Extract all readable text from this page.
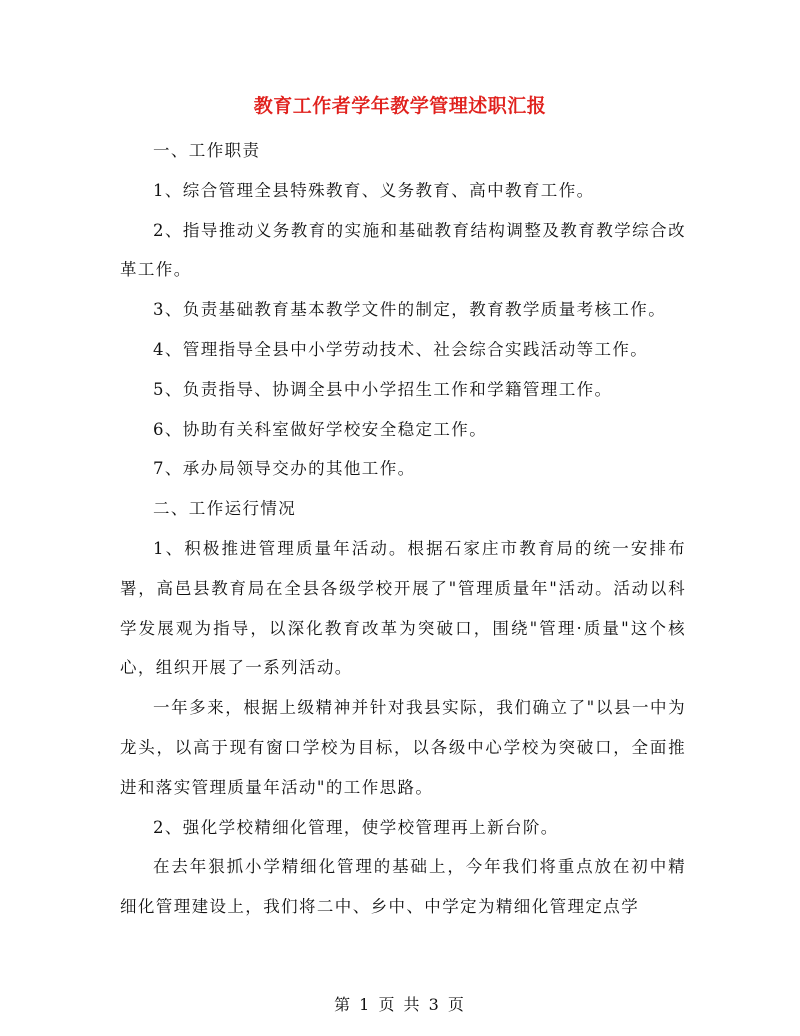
教育工作者学年教学管理述职汇报

一、工作职责

1、综合管理全县特殊教育、义务教育、高中教育工作。

2、指导推动义务教育的实施和基础教育结构调整及教育教学综合改革工作。

3、负责基础教育基本教学文件的制定，教育教学质量考核工作。

4、管理指导全县中小学劳动技术、社会综合实践活动等工作。

5、负责指导、协调全县中小学招生工作和学籍管理工作。

6、协助有关科室做好学校安全稳定工作。

7、承办局领导交办的其他工作。

二、工作运行情况

1、积极推进管理质量年活动。根据石家庄市教育局的统一安排布署，高邑县教育局在全县各级学校开展了"管理质量年"活动。活动以科学发展观为指导，以深化教育改革为突破口，围绕"管理·质量"这个核心，组织开展了一系列活动。

一年多来，根据上级精神并针对我县实际，我们确立了"以县一中为龙头，以高于现有窗口学校为目标，以各级中心学校为突破口，全面推进和落实管理质量年活动"的工作思路。

2、强化学校精细化管理，使学校管理再上新台阶。

在去年狠抓小学精细化管理的基础上，今年我们将重点放在初中精细化管理建设上，我们将二中、乡中、中学定为精细化管理定点学

第 1 页 共 3 页
